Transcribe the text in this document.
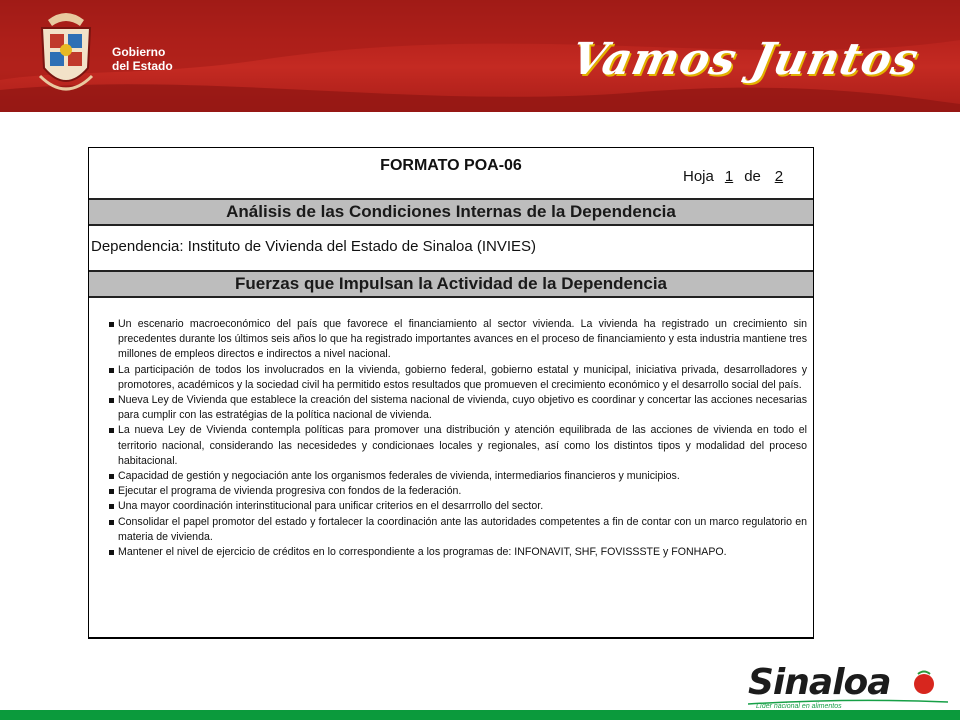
Gobierno
del Estado	Vamos Juntos
FORMATO POA-06
Hoja 1 de 2
Análisis de las Condiciones Internas de la Dependencia
Dependencia: Instituto de Vivienda del Estado de Sinaloa (INVIES)
Fuerzas que Impulsan la Actividad de la Dependencia
Un escenario macroeconómico del país que favorece el financiamiento al sector vivienda. La vivienda ha registrado un crecimiento sin precedentes durante los últimos seis años lo que ha registrado importantes avances en el proceso de financiamiento y esta industria mantiene tres millones de empleos directos e indirectos a nivel nacional.
La participación de todos los involucrados en la vivienda, gobierno federal, gobierno estatal y municipal, iniciativa privada, desarrolladores y promotores, académicos y la sociedad civil ha permitido estos resultados que promueven el crecimiento económico y el desarrollo social del país.
Nueva Ley de Vivienda que establece la creación del sistema nacional de vivienda, cuyo objetivo es coordinar y concertar las acciones necesarias para cumplir con las estratégias de la política nacional de vivienda.
La nueva Ley de Vivienda contempla políticas para promover una distribución y atención equilibrada de las acciones de vivienda en todo el territorio nacional, considerando las necesidedes y condicionaes locales y regionales, así como los distintos tipos y modalidad del proceso habitacional.
Capacidad de gestión y negociación ante los organismos federales de vivienda, intermediarios financieros y municipios.
Ejecutar el programa de vivienda progresiva con fondos de la federación.
Una mayor coordinación interinstitucional para unificar criterios en el desarrrollo del sector.
Consolidar el papel promotor del estado y fortalecer la coordinación ante las autoridades competentes a fin de contar con un marco regulatorio en materia de vivienda.
Mantener el nivel de ejercicio de créditos en lo correspondiente a los programas de: INFONAVIT, SHF, FOVISSSTE y FONHAPO.
Sinaloa
Líder nacional en alimentos
